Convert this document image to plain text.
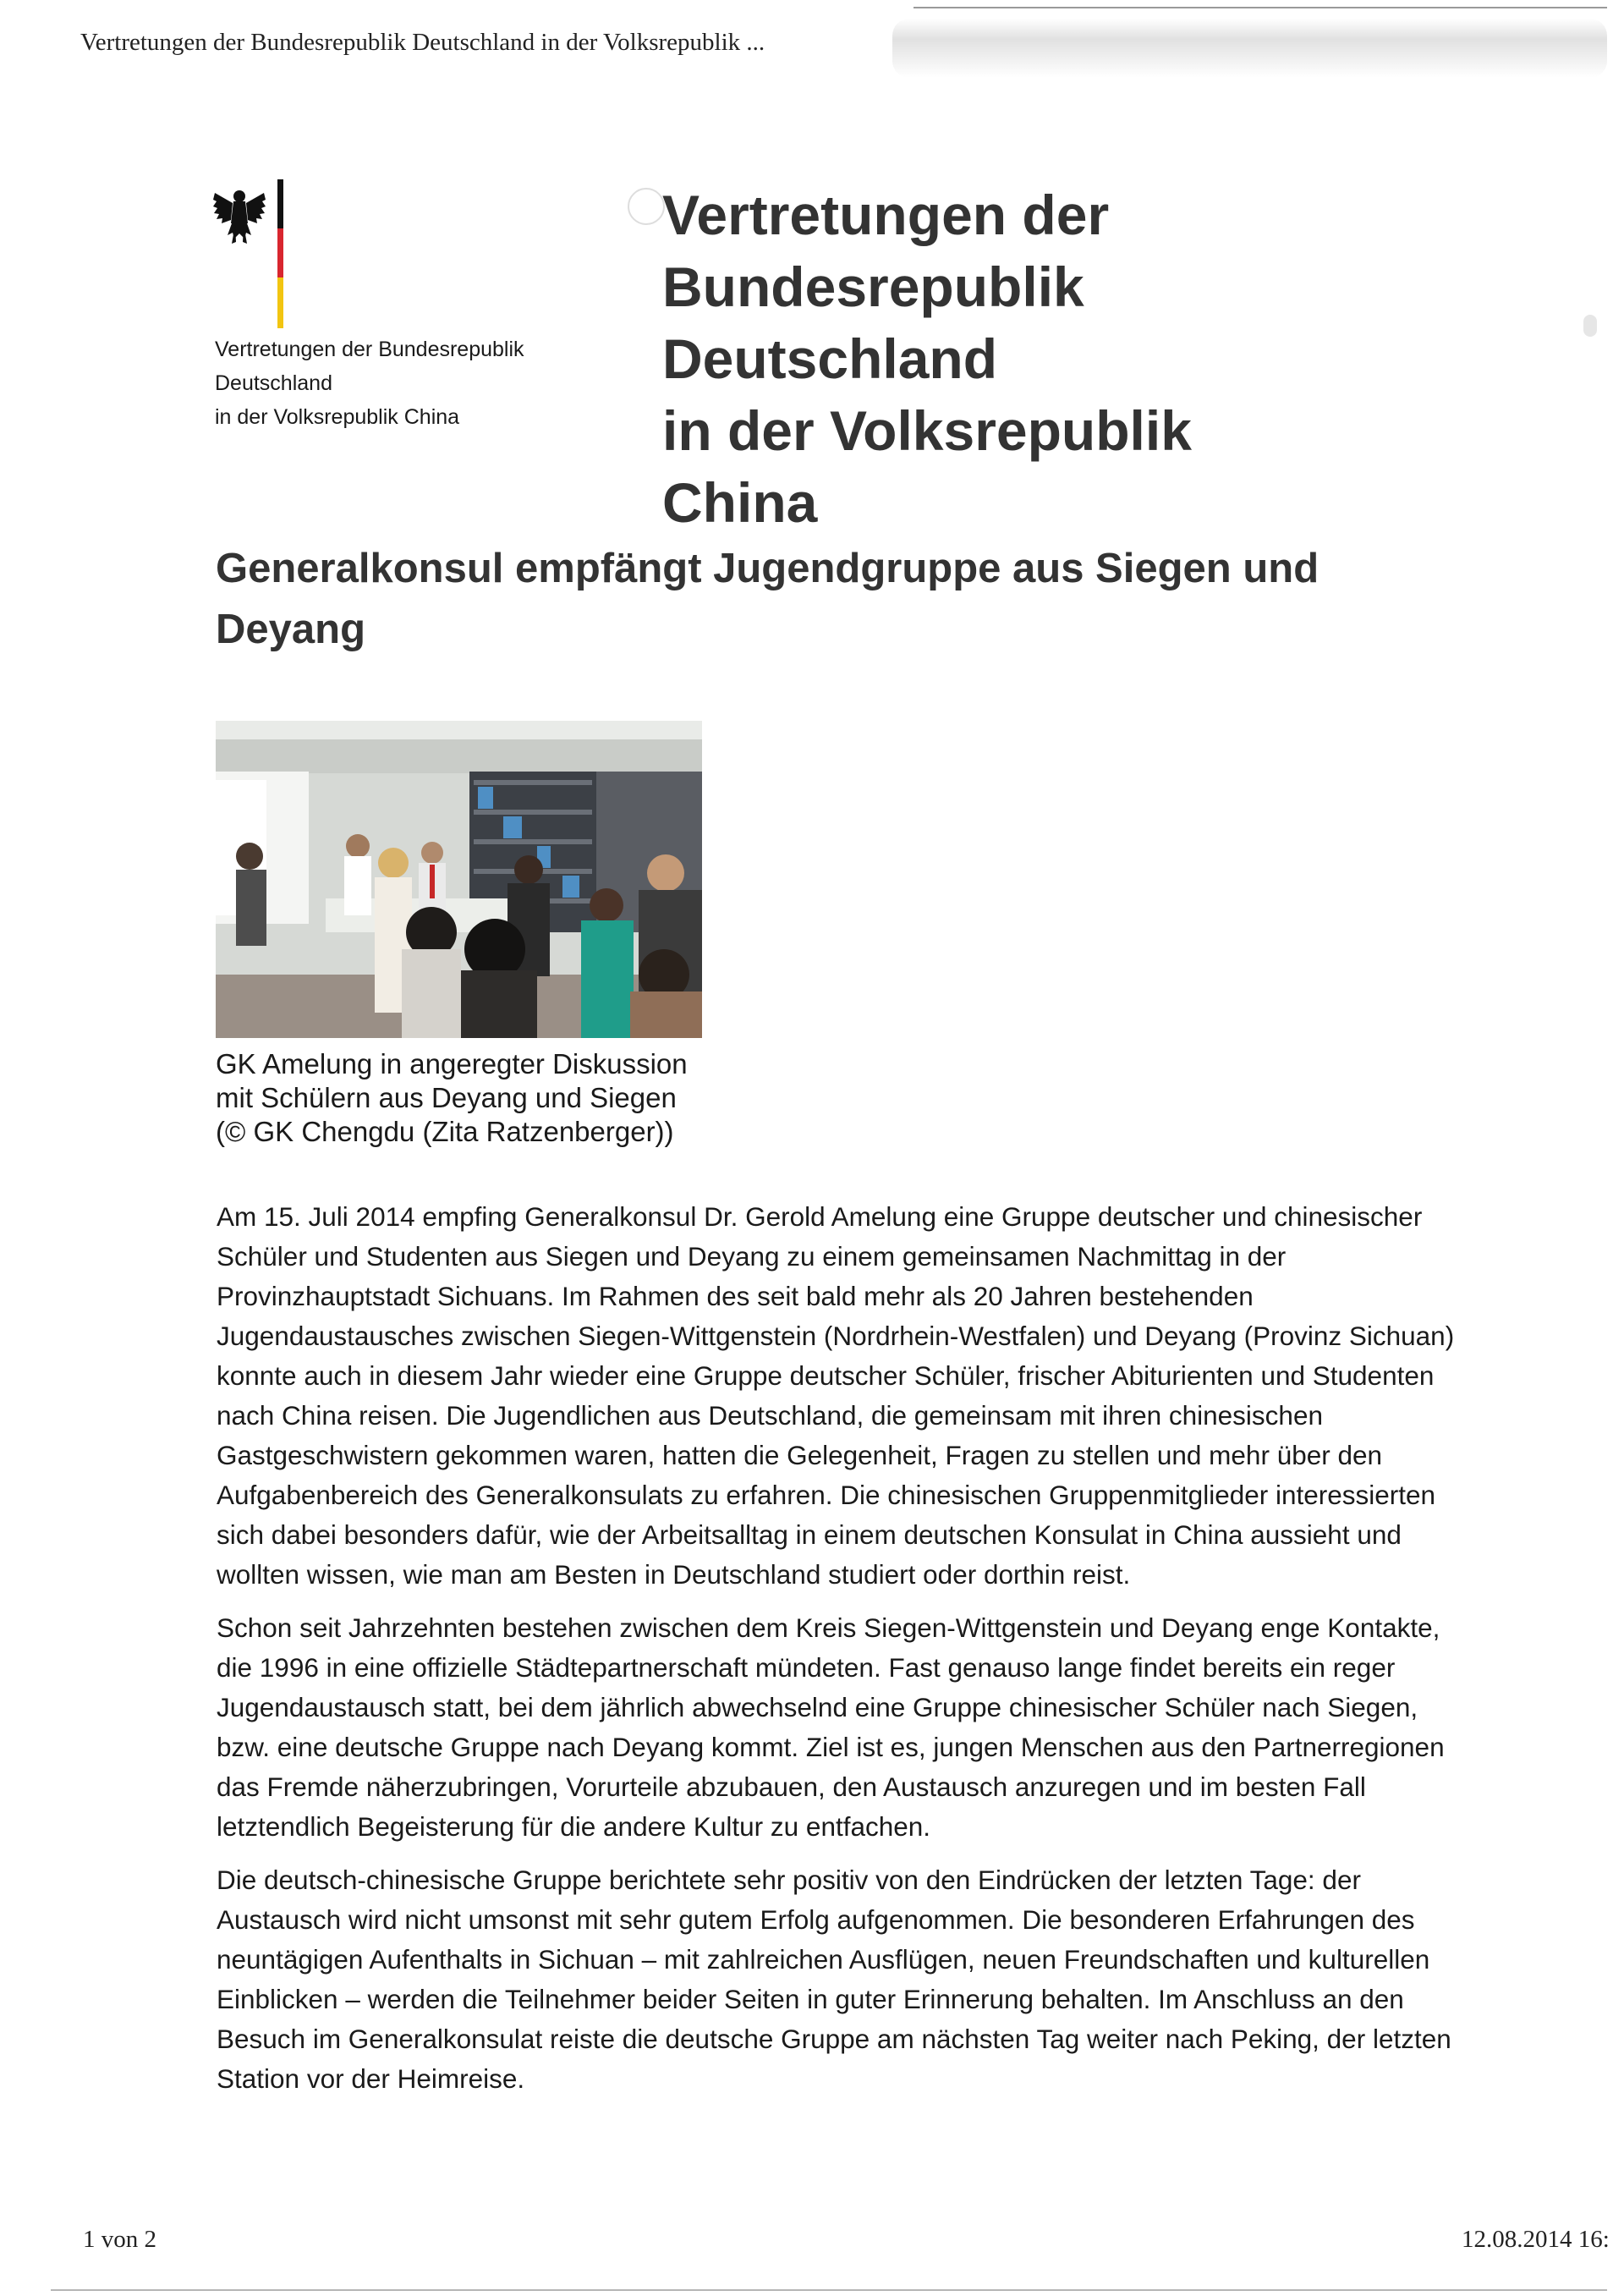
Vertretungen der Bundesrepublik Deutschland in der Volksrepublik ...
Vertretungen der Bundesrepublik
Deutschland
in der Volksrepublik China
Vertretungen der
Bundesrepublik
Deutschland
in der Volksrepublik
China
Generalkonsul empfängt Jugendgruppe aus Siegen und Deyang
GK Amelung in angeregter Diskussion
mit Schülern aus Deyang und Siegen
(© GK Chengdu (Zita Ratzenberger))

Am 15. Juli 2014 empfing Generalkonsul Dr. Gerold Amelung eine Gruppe deutscher und chinesischer
Schüler und Studenten aus Siegen und Deyang zu einem gemeinsamen Nachmittag in der
Provinzhauptstadt Sichuans. Im Rahmen des seit bald mehr als 20 Jahren bestehenden
Jugendaustausches zwischen Siegen-Wittgenstein (Nordrhein-Westfalen) und Deyang (Provinz Sichuan)
konnte auch in diesem Jahr wieder eine Gruppe deutscher Schüler, frischer Abiturienten und Studenten
nach China reisen. Die Jugendlichen aus Deutschland, die gemeinsam mit ihren chinesischen
Gastgeschwistern gekommen waren, hatten die Gelegenheit, Fragen zu stellen und mehr über den
Aufgabenbereich des Generalkonsulats zu erfahren. Die chinesischen Gruppenmitglieder interessierten
sich dabei besonders dafür, wie der Arbeitsalltag in einem deutschen Konsulat in China aussieht und
wollten wissen, wie man am Besten in Deutschland studiert oder dorthin reist.

Schon seit Jahrzehnten bestehen zwischen dem Kreis Siegen-Wittgenstein und Deyang enge Kontakte,
die 1996 in eine offizielle Städtepartnerschaft mündeten. Fast genauso lange findet bereits ein reger
Jugendaustausch statt, bei dem jährlich abwechselnd eine Gruppe chinesischer Schüler nach Siegen,
bzw. eine deutsche Gruppe nach Deyang kommt. Ziel ist es, jungen Menschen aus den Partnerregionen
das Fremde näherzubringen, Vorurteile abzubauen, den Austausch anzuregen und im besten Fall
letztendlich Begeisterung für die andere Kultur zu entfachen.

Die deutsch-chinesische Gruppe berichtete sehr positiv von den Eindrücken der letzten Tage: der
Austausch wird nicht umsonst mit sehr gutem Erfolg aufgenommen. Die besonderen Erfahrungen des
neuntägigen Aufenthalts in Sichuan – mit zahlreichen Ausflügen, neuen Freundschaften und kulturellen
Einblicken – werden die Teilnehmer beider Seiten in guter Erinnerung behalten. Im Anschluss an den
Besuch im Generalkonsulat reiste die deutsche Gruppe am nächsten Tag weiter nach Peking, der letzten
Station vor der Heimreise.

1 von 2	12.08.2014 16:
